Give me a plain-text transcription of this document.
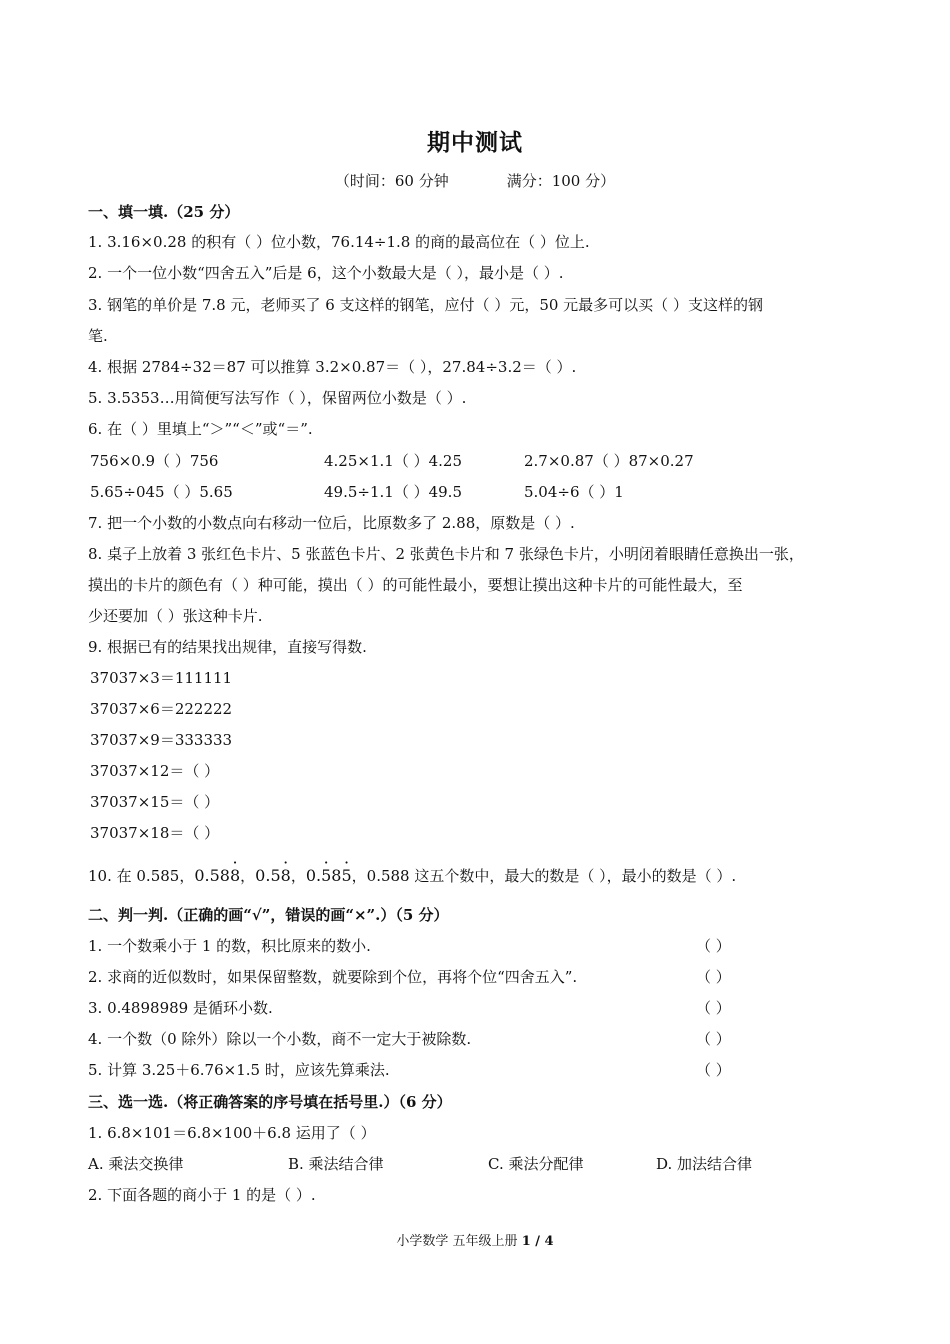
期中测试
（时间：60 分钟	满分：100 分）
一、填一填.（25 分）
1. 3.16×0.28 的积有（ ）位小数，76.14÷1.8 的商的最高位在（ ）位上.
2. 一个一位小数“四舍五入”后是 6，这个小数最大是（ ），最小是（ ）.
3. 钢笔的单价是 7.8 元，老师买了 6 支这样的钢笔，应付（ ）元，50 元最多可以买（ ）支这样的钢
笔.
4. 根据 2784÷32＝87 可以推算 3.2×0.87＝（ ），27.84÷3.2＝（ ）.
5. 3.5353…用简便写法写作（ ），保留两位小数是（ ）.
6. 在（ ）里填上“＞”“＜”或“＝”.
756×0.9（ ）756	4.25×1.1（ ）4.25	2.7×0.87（ ）87×0.27
5.65÷045（ ）5.65	49.5÷1.1（ ）49.5	5.04÷6（ ）1
7. 把一个小数的小数点向右移动一位后，比原数多了 2.88，原数是（ ）.
8. 桌子上放着 3 张红色卡片、5 张蓝色卡片、2 张黄色卡片和 7 张绿色卡片，小明闭着眼睛任意换出一张，
摸出的卡片的颜色有（ ）种可能，摸出（ ）的可能性最小，要想让摸出这种卡片的可能性最大，至
少还要加（ ）张这种卡片.
9. 根据已有的结果找出规律，直接写得数.
37037×3＝111111
37037×6＝222222
37037×9＝333333
37037×12＝（ ）
37037×15＝（ ）
37037×18＝（ ）
10. 在 0.585，0.58· 8，0.5· 8，0.· 58· 5，0.588 这五个数中，最大的数是（ ），最小的数是（ ）.
二、判一判.（正确的画“√”，错误的画“×”.）（5 分）
1. 一个数乘小于 1 的数，积比原来的数小.	（ ）
2. 求商的近似数时，如果保留整数，就要除到个位，再将个位“四舍五入”.	（ ）
3. 0.4898989 是循环小数.	（ ）
4. 一个数（0 除外）除以一个小数，商不一定大于被除数.	（ ）
5. 计算 3.25＋6.76×1.5 时，应该先算乘法.	（ ）
三、选一选.（将正确答案的序号填在括号里.）（6 分）
1. 6.8×101＝6.8×100＋6.8 运用了（ ）
A. 乘法交换律	B. 乘法结合律	C. 乘法分配律	D. 加法结合律
2. 下面各题的商小于 1 的是（ ）.
小学数学 五年级上册 1 / 4
